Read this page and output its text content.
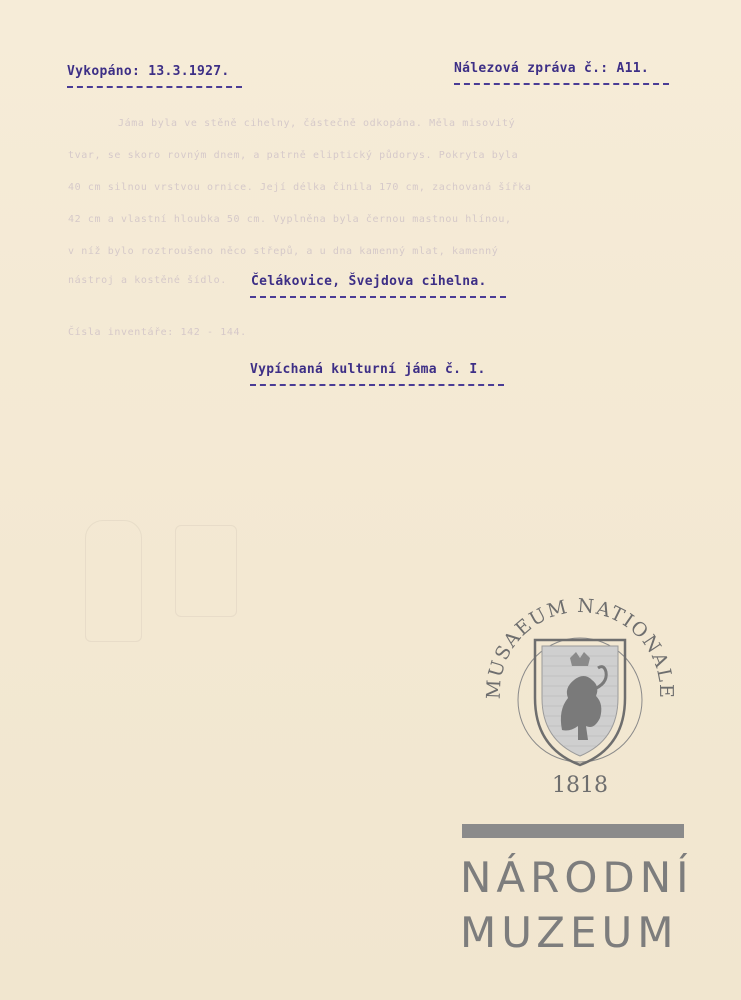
Jáma byla ve stěně cihelny, částečně odkopána. Měla misovitý
tvar, se skoro rovným dnem, a patrně eliptický půdorys. Pokryta byla
40 cm silnou vrstvou ornice. Její délka činila 170 cm, zachovaná šířka
42 cm a vlastní hloubka 50 cm. Vyplněna byla černou mastnou hlínou,
v níž bylo roztroušeno něco střepů, a u dna kamenný mlat, kamenný
nástroj a kostěné šídlo.
Čísla inventáře: 142 - 144.
Vykopáno: 13.3.1927.	Nálezová zpráva č.: A11.
Čelákovice, Švejdova cihelna.
Vypíchaná kulturní jáma č. I.
MUSAEUM NATIONALE
1818
NÁRODNÍ
MUZEUM
